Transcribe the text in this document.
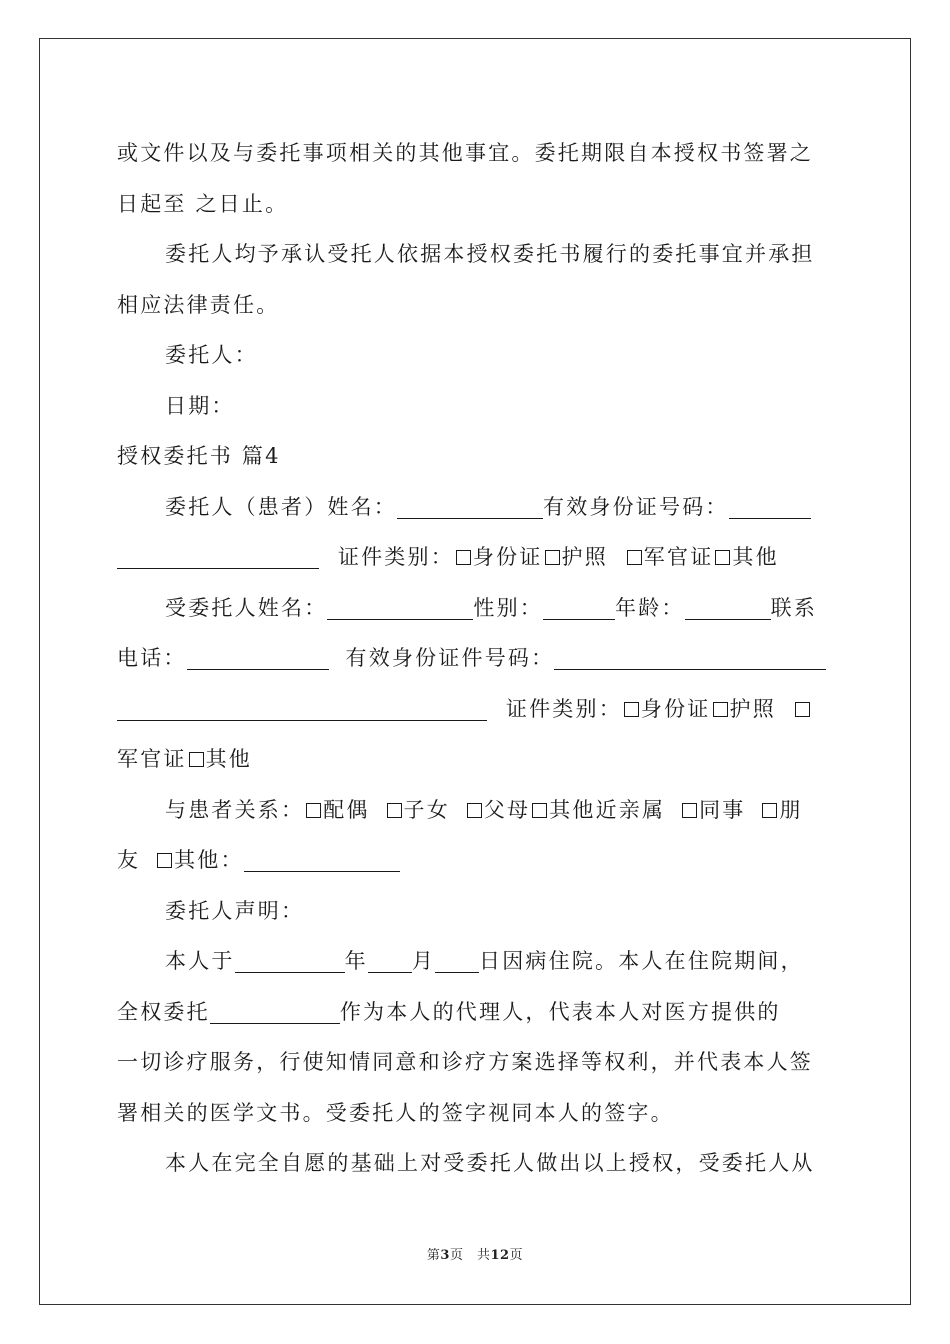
或文件以及与委托事项相关的其他事宜。委托期限自本授权书签署之
日起至 之日止。
委托人均予承认受托人依据本授权委托书履行的委托事宜并承担
相应法律责任。
委托人：
日期：
授权委托书 篇4
委托人（患者）姓名：	有效身份证号码：
证件类别： 身份证 护照 军官证 其他
受委托人姓名：	性别：	年龄：	联系
电话：	有效身份证件号码：
证件类别： 身份证 护照
军官证 其他
与患者关系： 配偶 子女 父母 其他近亲属 同事 朋
友 其他：
委托人声明：
本人于	年 月 日因病住院。本人在住院期间，
全权委托	作为本人的代理人，代表本人对医方提供的
一切诊疗服务，行使知情同意和诊疗方案选择等权利，并代表本人签
署相关的医学文书。受委托人的签字视同本人的签字。
本人在完全自愿的基础上对受委托人做出以上授权，受委托人从
第3页　共12页
